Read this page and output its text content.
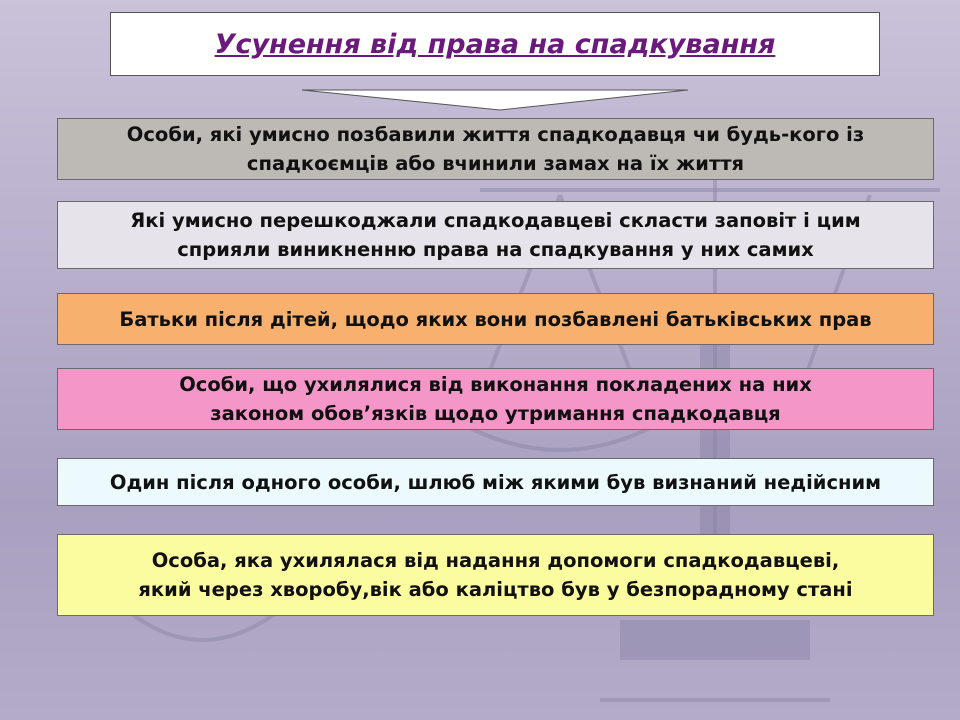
Усунення від права на спадкування
Особи, які умисно позбавили життя спадкодавця чи будь-кого із
спадкоємців або вчинили замах на їх життя
Які умисно перешкоджали спадкодавцеві скласти заповіт і цим
сприяли виникненню права на спадкування у них самих
Батьки після дітей, щодо яких вони позбавлені батьківських прав
Особи, що ухилялися від виконання покладених на них
законом обов’язків щодо утримання спадкодавця
Один після одного особи, шлюб між якими був визнаний недійсним
Особа, яка ухилялася від надання допомоги спадкодавцеві,
який через хворобу,вік або каліцтво був у безпорадному стані
